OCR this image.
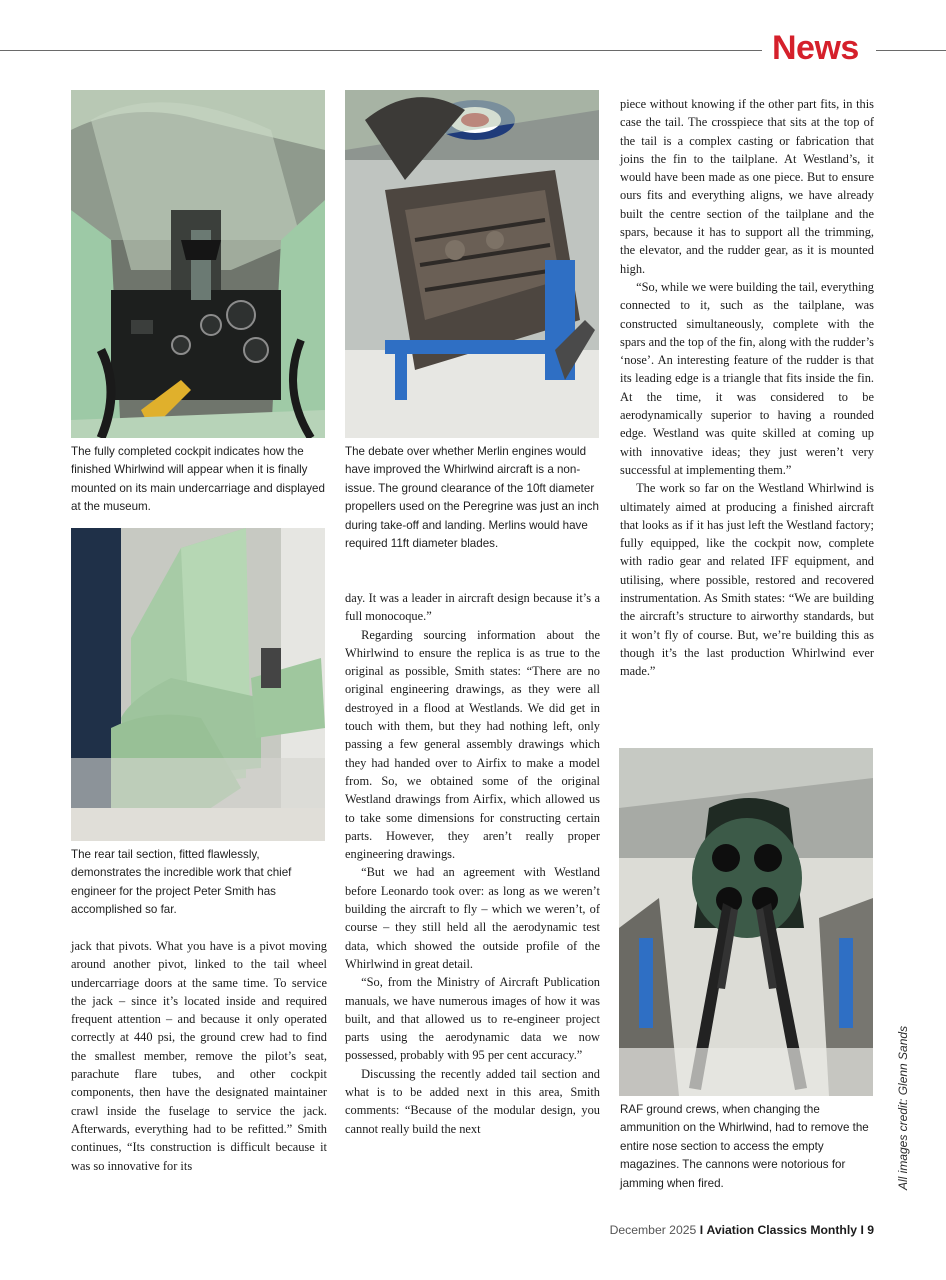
News
The fully completed cockpit indicates how the finished Whirlwind will appear when it is finally mounted on its main undercarriage and displayed at the museum.
The rear tail section, fitted flawlessly, demonstrates the incredible work that chief engineer for the project Peter Smith has accomplished so far.

jack that pivots. What you have is a pivot moving around another pivot, linked to the tail wheel undercarriage doors at the same time. To service the jack – since it’s located inside and required frequent attention – and because it only operated correctly at 440 psi, the ground crew had to find the smallest member, remove the pilot’s seat, parachute flare tubes, and other cockpit components, then have the designated maintainer crawl inside the fuselage to service the jack. Afterwards, everything had to be refitted.” Smith continues, “Its construction is difficult because it was so innovative for its

The debate over whether Merlin engines would have improved the Whirlwind aircraft is a non-issue. The ground clearance of the 10ft diameter propellers used on the Peregrine was just an inch during take-off and landing. Merlins would have required 11ft diameter blades.

day. It was a leader in aircraft design because it’s a full monocoque.”

Regarding sourcing information about the Whirlwind to ensure the replica is as true to the original as possible, Smith states: “There are no original engineering drawings, as they were all destroyed in a flood at Westlands. We did get in touch with them, but they had nothing left, only passing a few general assembly drawings which they had handed over to Airfix to make a model from. So, we obtained some of the original Westland drawings from Airfix, which allowed us to take some dimensions for constructing certain parts. However, they aren’t really proper engineering drawings.

“But we had an agreement with Westland before Leonardo took over: as long as we weren’t building the aircraft to fly – which we weren’t, of course – they still held all the aerodynamic test data, which showed the outside profile of the Whirlwind in great detail.

“So, from the Ministry of Aircraft Publication manuals, we have numerous images of how it was built, and that allowed us to re-engineer project parts using the aerodynamic data we now possessed, probably with 95 per cent accuracy.”

Discussing the recently added tail section and what is to be added next in this area, Smith comments: “Because of the modular design, you cannot really build the next

piece without knowing if the other part fits, in this case the tail. The crosspiece that sits at the top of the tail is a complex casting or fabrication that joins the fin to the tailplane. At Westland’s, it would have been made as one piece. But to ensure ours fits and everything aligns, we have already built the centre section of the tailplane and the spars, because it has to support all the trimming, the elevator, and the rudder gear, as it is mounted high.

“So, while we were building the tail, everything connected to it, such as the tailplane, was constructed simultaneously, complete with the spars and the top of the fin, along with the rudder’s ‘nose’. An interesting feature of the rudder is that its leading edge is a triangle that fits inside the fin. At the time, it was considered to be aerodynamically superior to having a rounded edge. Westland was quite skilled at coming up with innovative ideas; they just weren’t very successful at implementing them.”

The work so far on the Westland Whirlwind is ultimately aimed at producing a finished aircraft that looks as if it has just left the Westland factory; fully equipped, like the cockpit now, complete with radio gear and related IFF equipment, and utilising, where possible, restored and recovered instrumentation. As Smith states: “We are building the aircraft’s structure to airworthy standards, but it won’t fly of course. But, we’re building this as though it’s the last production Whirlwind ever made.”

RAF ground crews, when changing the ammunition on the Whirlwind, had to remove the entire nose section to access the empty magazines. The cannons were notorious for jamming when fired.	All images credit: Glenn Sands
December 2025 I Aviation Classics Monthly I 9
